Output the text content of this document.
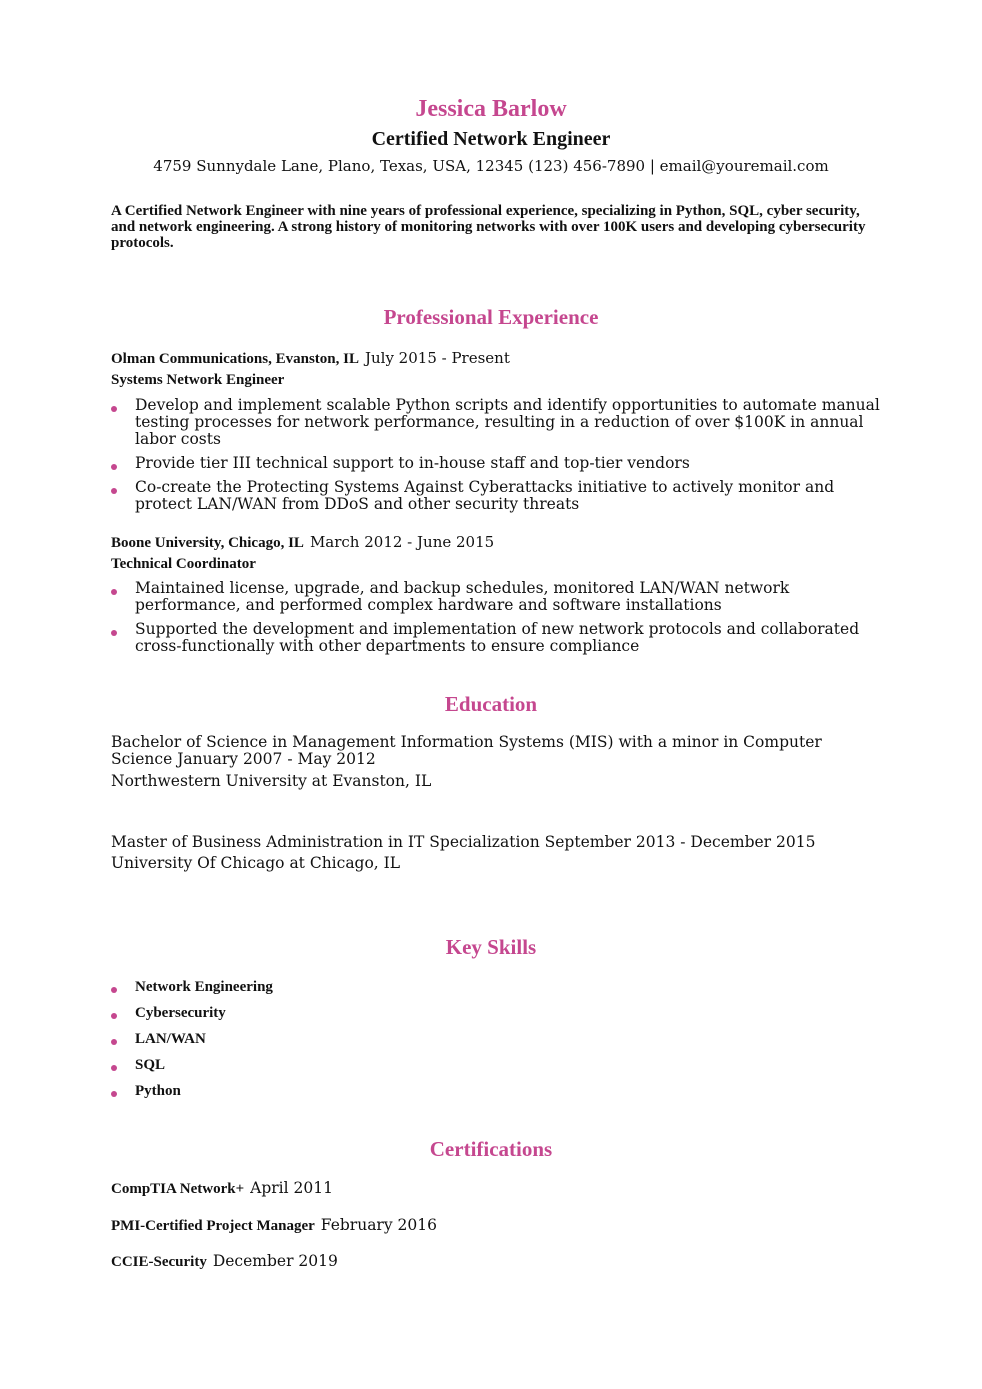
Jessica Barlow
Certified Network Engineer
4759 Sunnydale Lane, Plano, Texas, USA, 12345 (123) 456-7890 | email@youremail.com
A Certified Network Engineer with nine years of professional experience, specializing in Python, SQL, cyber security, and network engineering. A strong history of monitoring networks with over 100K users and developing cybersecurity protocols.
Professional Experience
Olman Communications, Evanston, IL July 2015 - Present
Systems Network Engineer
Develop and implement scalable Python scripts and identify opportunities to automate manual testing processes for network performance, resulting in a reduction of over $100K in annual labor costs
Provide tier III technical support to in-house staff and top-tier vendors
Co-create the Protecting Systems Against Cyberattacks initiative to actively monitor and protect LAN/WAN from DDoS and other security threats
Boone University, Chicago, IL March 2012 - June 2015
Technical Coordinator
Maintained license, upgrade, and backup schedules, monitored LAN/WAN network performance, and performed complex hardware and software installations
Supported the development and implementation of new network protocols and collaborated cross-functionally with other departments to ensure compliance
Education
Bachelor of Science in Management Information Systems (MIS) with a minor in Computer Science January 2007 - May 2012
Northwestern University at Evanston, IL
Master of Business Administration in IT Specialization September 2013 - December 2015
University Of Chicago at Chicago, IL
Key Skills
Network Engineering
Cybersecurity
LAN/WAN
SQL
Python
Certifications
CompTIA Network+ April 2011
PMI-Certified Project Manager February 2016
CCIE-Security December 2019
